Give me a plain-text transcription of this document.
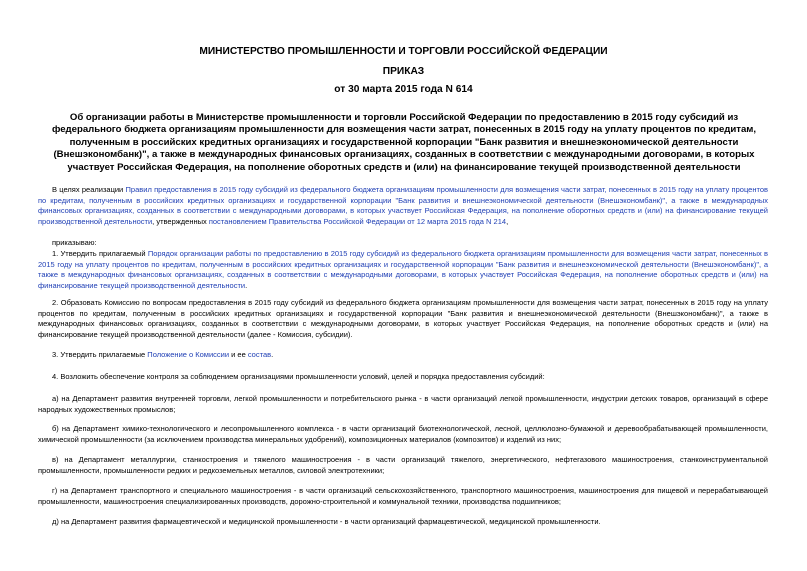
МИНИСТЕРСТВО ПРОМЫШЛЕННОСТИ И ТОРГОВЛИ РОССИЙСКОЙ ФЕДЕРАЦИИ
ПРИКАЗ
от 30 марта 2015 года N 614
Об организации работы в Министерстве промышленности и торговли Российской Федерации по предоставлению в 2015 году субсидий из федерального бюджета организациям промышленности для возмещения части затрат, понесенных в 2015 году на уплату процентов по кредитам, полученным в российских кредитных организациях и государственной корпорации "Банк развития и внешнеэкономической деятельности (Внешэкономбанк)", а также в международных финансовых организациях, созданных в соответствии с международными договорами, в которых участвует Российская Федерация, на пополнение оборотных средств и (или) на финансирование текущей производственной деятельности
В целях реализации Правил предоставления в 2015 году субсидий из федерального бюджета организациям промышленности для возмещения части затрат, понесенных в 2015 году на уплату процентов по кредитам, полученным в российских кредитных организациях и государственной корпорации "Банк развития и внешнеэкономической деятельности (Внешэкономбанк)", а также в международных финансовых организациях, созданных в соответствии с международными договорами, в которых участвует Российская Федерация, на пополнение оборотных средств и (или) на финансирование текущей производственной деятельности, утвержденных постановлением Правительства Российской Федерации от 12 марта 2015 года N 214,
приказываю:
1. Утвердить прилагаемый Порядок организации работы по предоставлению в 2015 году субсидий из федерального бюджета организациям промышленности для возмещения части затрат, понесенных в 2015 году на уплату процентов по кредитам, полученным в российских кредитных организациях и государственной корпорации "Банк развития и внешнеэкономической деятельности (Внешэкономбанк)", а также в международных финансовых организациях, созданных в соответствии с международными договорами, в которых участвует Российская Федерация, на пополнение оборотных средств и (или) на финансирование текущей производственной деятельности.
2. Образовать Комиссию по вопросам предоставления в 2015 году субсидий из федерального бюджета организациям промышленности для возмещения части затрат, понесенных в 2015 году на уплату процентов по кредитам, полученным в российских кредитных организациях и государственной корпорации "Банк развития и внешнеэкономической деятельности (Внешэкономбанк)", а также в международных финансовых организациях, созданных в соответствии с международными договорами, в которых участвует Российская Федерация, на пополнение оборотных средств и (или) на финансирование текущей производственной деятельности (далее - Комиссия, субсидии).
3. Утвердить прилагаемые Положение о Комиссии и ее состав.
4. Возложить обеспечение контроля за соблюдением организациями промышленности условий, целей и порядка предоставления субсидий:
а) на Департамент развития внутренней торговли, легкой промышленности и потребительского рынка - в части организаций легкой промышленности, индустрии детских товаров, организаций в сфере народных художественных промыслов;
б) на Департамент химико-технологического и лесопромышленного комплекса - в части организаций биотехнологической, лесной, целлюлозно-бумажной и деревообрабатывающей промышленности, химической промышленности (за исключением производства минеральных удобрений), композиционных материалов (композитов) и изделий из них;
в) на Департамент металлургии, станкостроения и тяжелого машиностроения - в части организаций тяжелого, энергетического, нефтегазового машиностроения, станкоинструментальной промышленности, промышленности редких и редкоземельных металлов, силовой электротехники;
г) на Департамент транспортного и специального машиностроения - в части организаций сельскохозяйственного, транспортного машиностроения, машиностроения для пищевой и перерабатывающей промышленности, машиностроения специализированных производств, дорожно-строительной и коммунальной техники, производства подшипников;
д) на Департамент развития фармацевтической и медицинской промышленности - в части организаций фармацевтической, медицинской промышленности.
